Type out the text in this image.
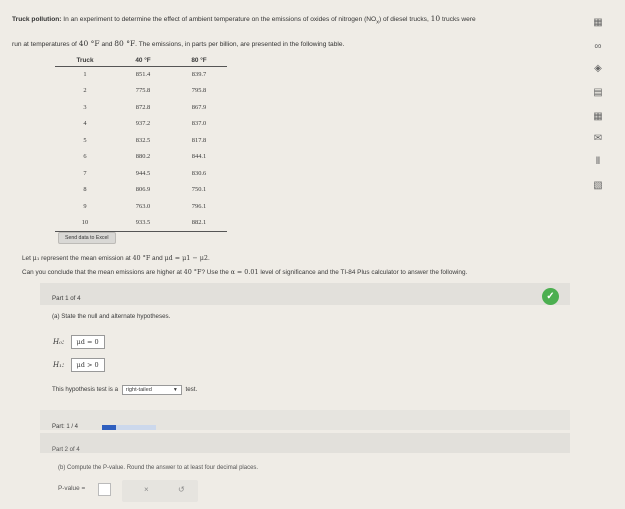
Truck pollution: In an experiment to determine the effect of ambient temperature on the emissions of oxides of nitrogen $(NO_x)$ of diesel trucks, 10 trucks were
run at temperatures of 40 °F and 80 °F. The emissions, in parts per billion, are presented in the following table.
Truck	40 °F	80 °F
1	851.4	839.7
2	775.8	795.8
3	872.8	867.9
4	937.2	837.0
5	832.5	817.8
6	880.2	844.1
7	944.5	830.6
8	806.9	750.1
9	763.0	796.1
10	933.5	882.1
Send data to Excel
Let μ₁ represent the mean emission at 40 °F and μd = μ1 − μ2.
Can you conclude that the mean emissions are higher at 40 °F? Use the α = 0.01 level of significance and the TI-84 Plus calculator to answer the following.
Part 1 of 4	✓
(a) State the null and alternate hypotheses.
H₀: μd = 0
H₁: μd > 0
This hypothesis test is a right-tailed	▼ test.
Part: 1 / 4
Part 2 of 4
(b) Compute the P-value. Round the answer to at least four decimal places.
P-value =	×	↺
▦
∞
◈
▤
▦
✉
Ⅱ
▧
